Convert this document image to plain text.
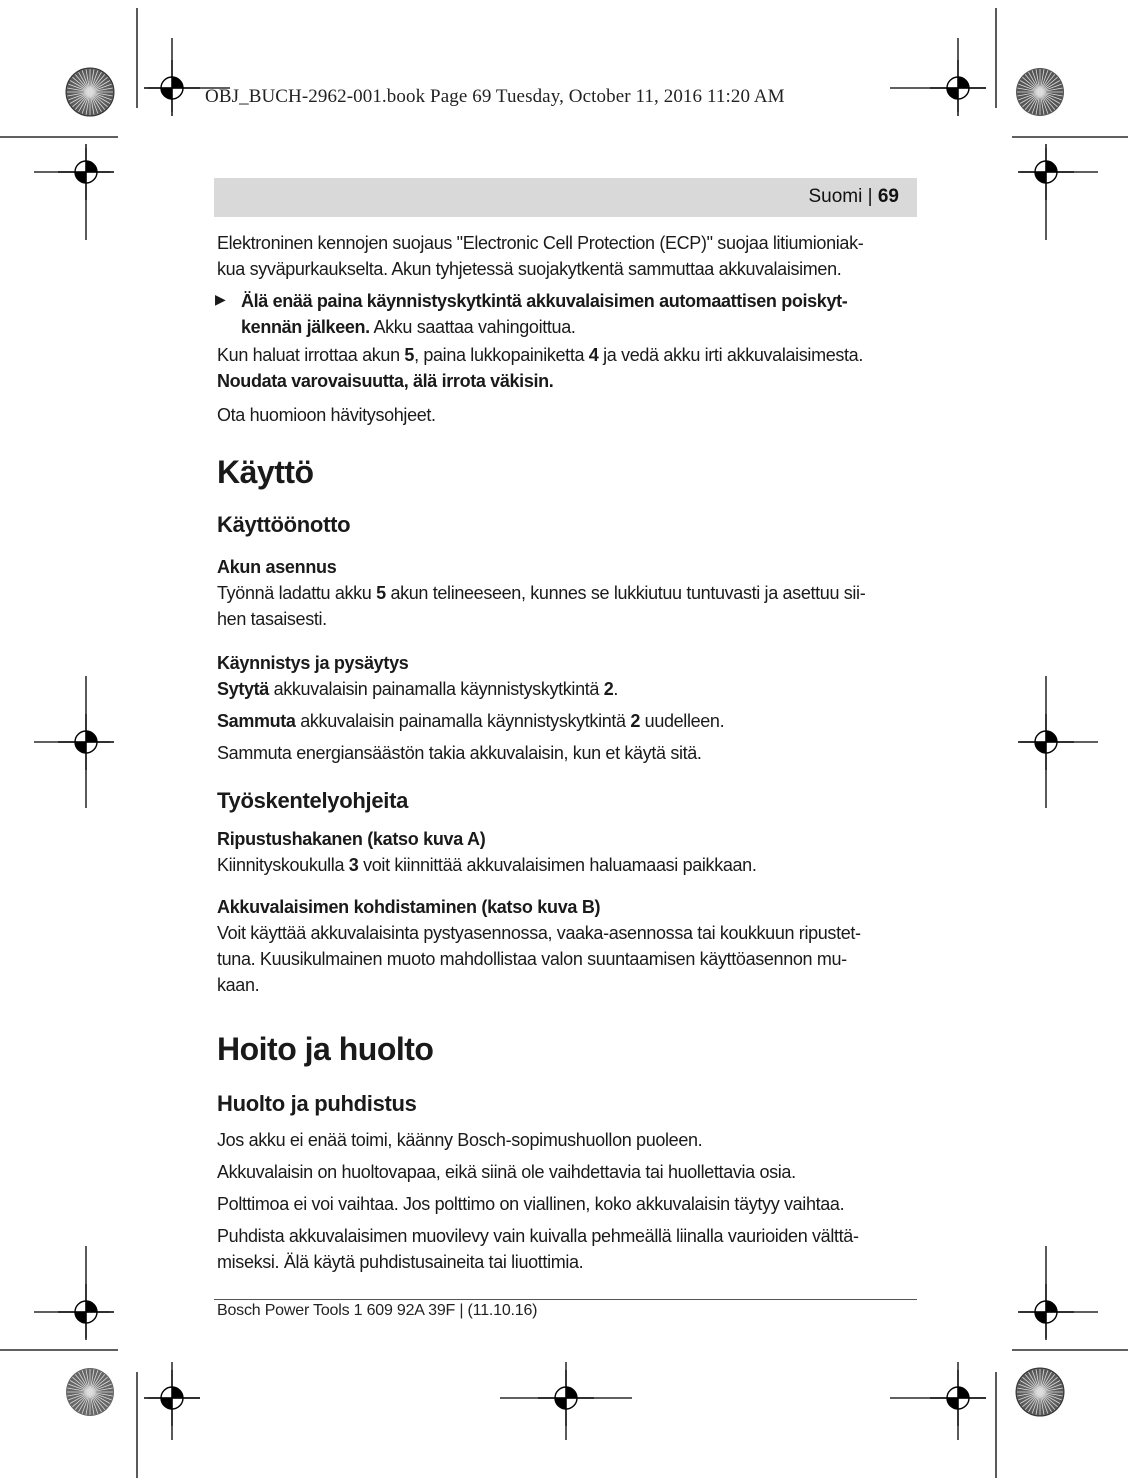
OBJ_BUCH-2962-001.book Page 69 Tuesday, October 11, 2016 11:20 AM
Suomi | 69

Elektroninen kennojen suojaus "Electronic Cell Protection (ECP)" suojaa litiumioniak-

kua syväpurkaukselta. Akun tyhjetessä suojakytkentä sammuttaa akkuvalaisimen.

▶ Älä enää paina käynnistyskytkintä akkuvalaisimen automaattisen poiskyt-

kennän jälkeen. Akku saattaa vahingoittua.

Kun haluat irrottaa akun 5, paina lukkopainiketta 4 ja vedä akku irti akkuvalaisimesta.

Noudata varovaisuutta, älä irrota väkisin.

Ota huomioon hävitysohjeet.

Käyttö

Käyttöönotto

Akun asennus

Työnnä ladattu akku 5 akun telineeseen, kunnes se lukkiutuu tuntuvasti ja asettuu sii-

hen tasaisesti.

Käynnistys ja pysäytys

Sytytä akkuvalaisin painamalla käynnistyskytkintä 2.

Sammuta akkuvalaisin painamalla käynnistyskytkintä 2 uudelleen.

Sammuta energiansäästön takia akkuvalaisin, kun et käytä sitä.

Työskentelyohjeita

Ripustushakanen (katso kuva A)

Kiinnityskoukulla 3 voit kiinnittää akkuvalaisimen haluamaasi paikkaan.

Akkuvalaisimen kohdistaminen (katso kuva B)

Voit käyttää akkuvalaisinta pystyasennossa, vaaka-asennossa tai koukkuun ripustet-

tuna. Kuusikulmainen muoto mahdollistaa valon suuntaamisen käyttöasennon mu-

kaan.

Hoito ja huolto

Huolto ja puhdistus

Jos akku ei enää toimi, käänny Bosch-sopimushuollon puoleen.

Akkuvalaisin on huoltovapaa, eikä siinä ole vaihdettavia tai huollettavia osia.

Polttimoa ei voi vaihtaa. Jos polttimo on viallinen, koko akkuvalaisin täytyy vaihtaa.

Puhdista akkuvalaisimen muovilevy vain kuivalla pehmeällä liinalla vaurioiden välttä-

miseksi. Älä käytä puhdistusaineita tai liuottimia.

Bosch Power Tools 1 609 92A 39F | (11.10.16)
